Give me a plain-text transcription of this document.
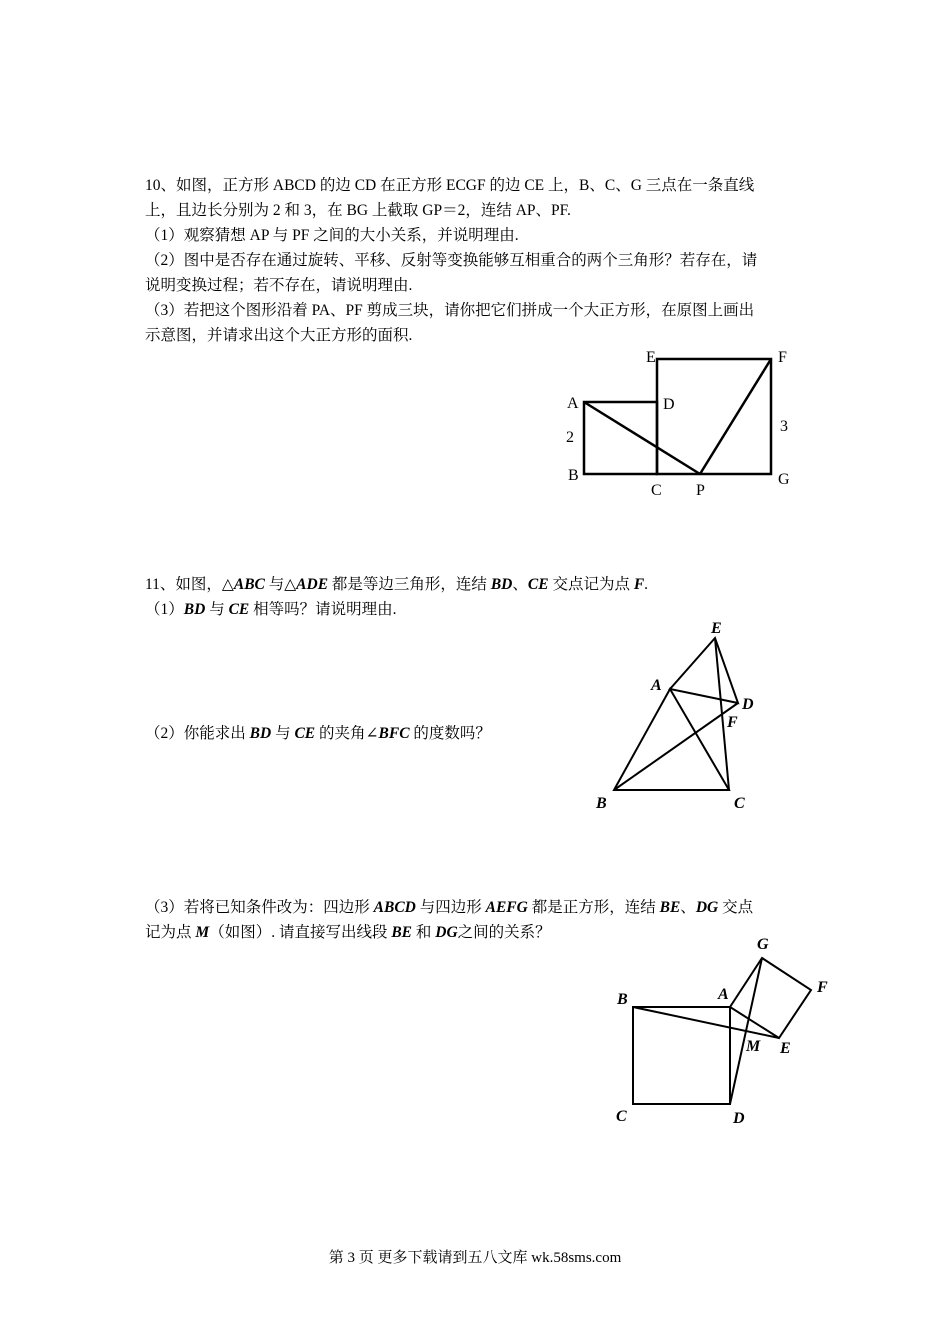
10、如图，正方形 ABCD 的边 CD 在正方形 ECGF 的边 CE 上，B、C、G 三点在一条直线
上，且边长分别为 2 和 3，在 BG 上截取 GP＝2，连结 AP、PF.
（1）观察猜想 AP 与 PF 之间的大小关系，并说明理由.
（2）图中是否存在通过旋转、平移、反射等变换能够互相重合的两个三角形？若存在，请
说明变换过程；若不存在，请说明理由.
（3）若把这个图形沿着 PA、PF 剪成三块，请你把它们拼成一个大正方形，在原图上画出
示意图，并请求出这个大正方形的面积.
E	F
A	D
2
3
B
C P
G
E
A
D
F
B	C
G
F
B	A
M E
C	D
11、如图，△ABC 与△ADE 都是等边三角形，连结 BD、CE 交点记为点 F.
（1）BD 与 CE 相等吗？请说明理由.
（2）你能求出 BD 与 CE 的夹角∠BFC 的度数吗？
（3）若将已知条件改为：四边形 ABCD 与四边形 AEFG 都是正方形，连结 BE、DG 交点
记为点 M（如图）. 请直接写出线段 BE 和 DG之间的关系？
第 3 页 更多下载请到五八文库 wk.58sms.com
